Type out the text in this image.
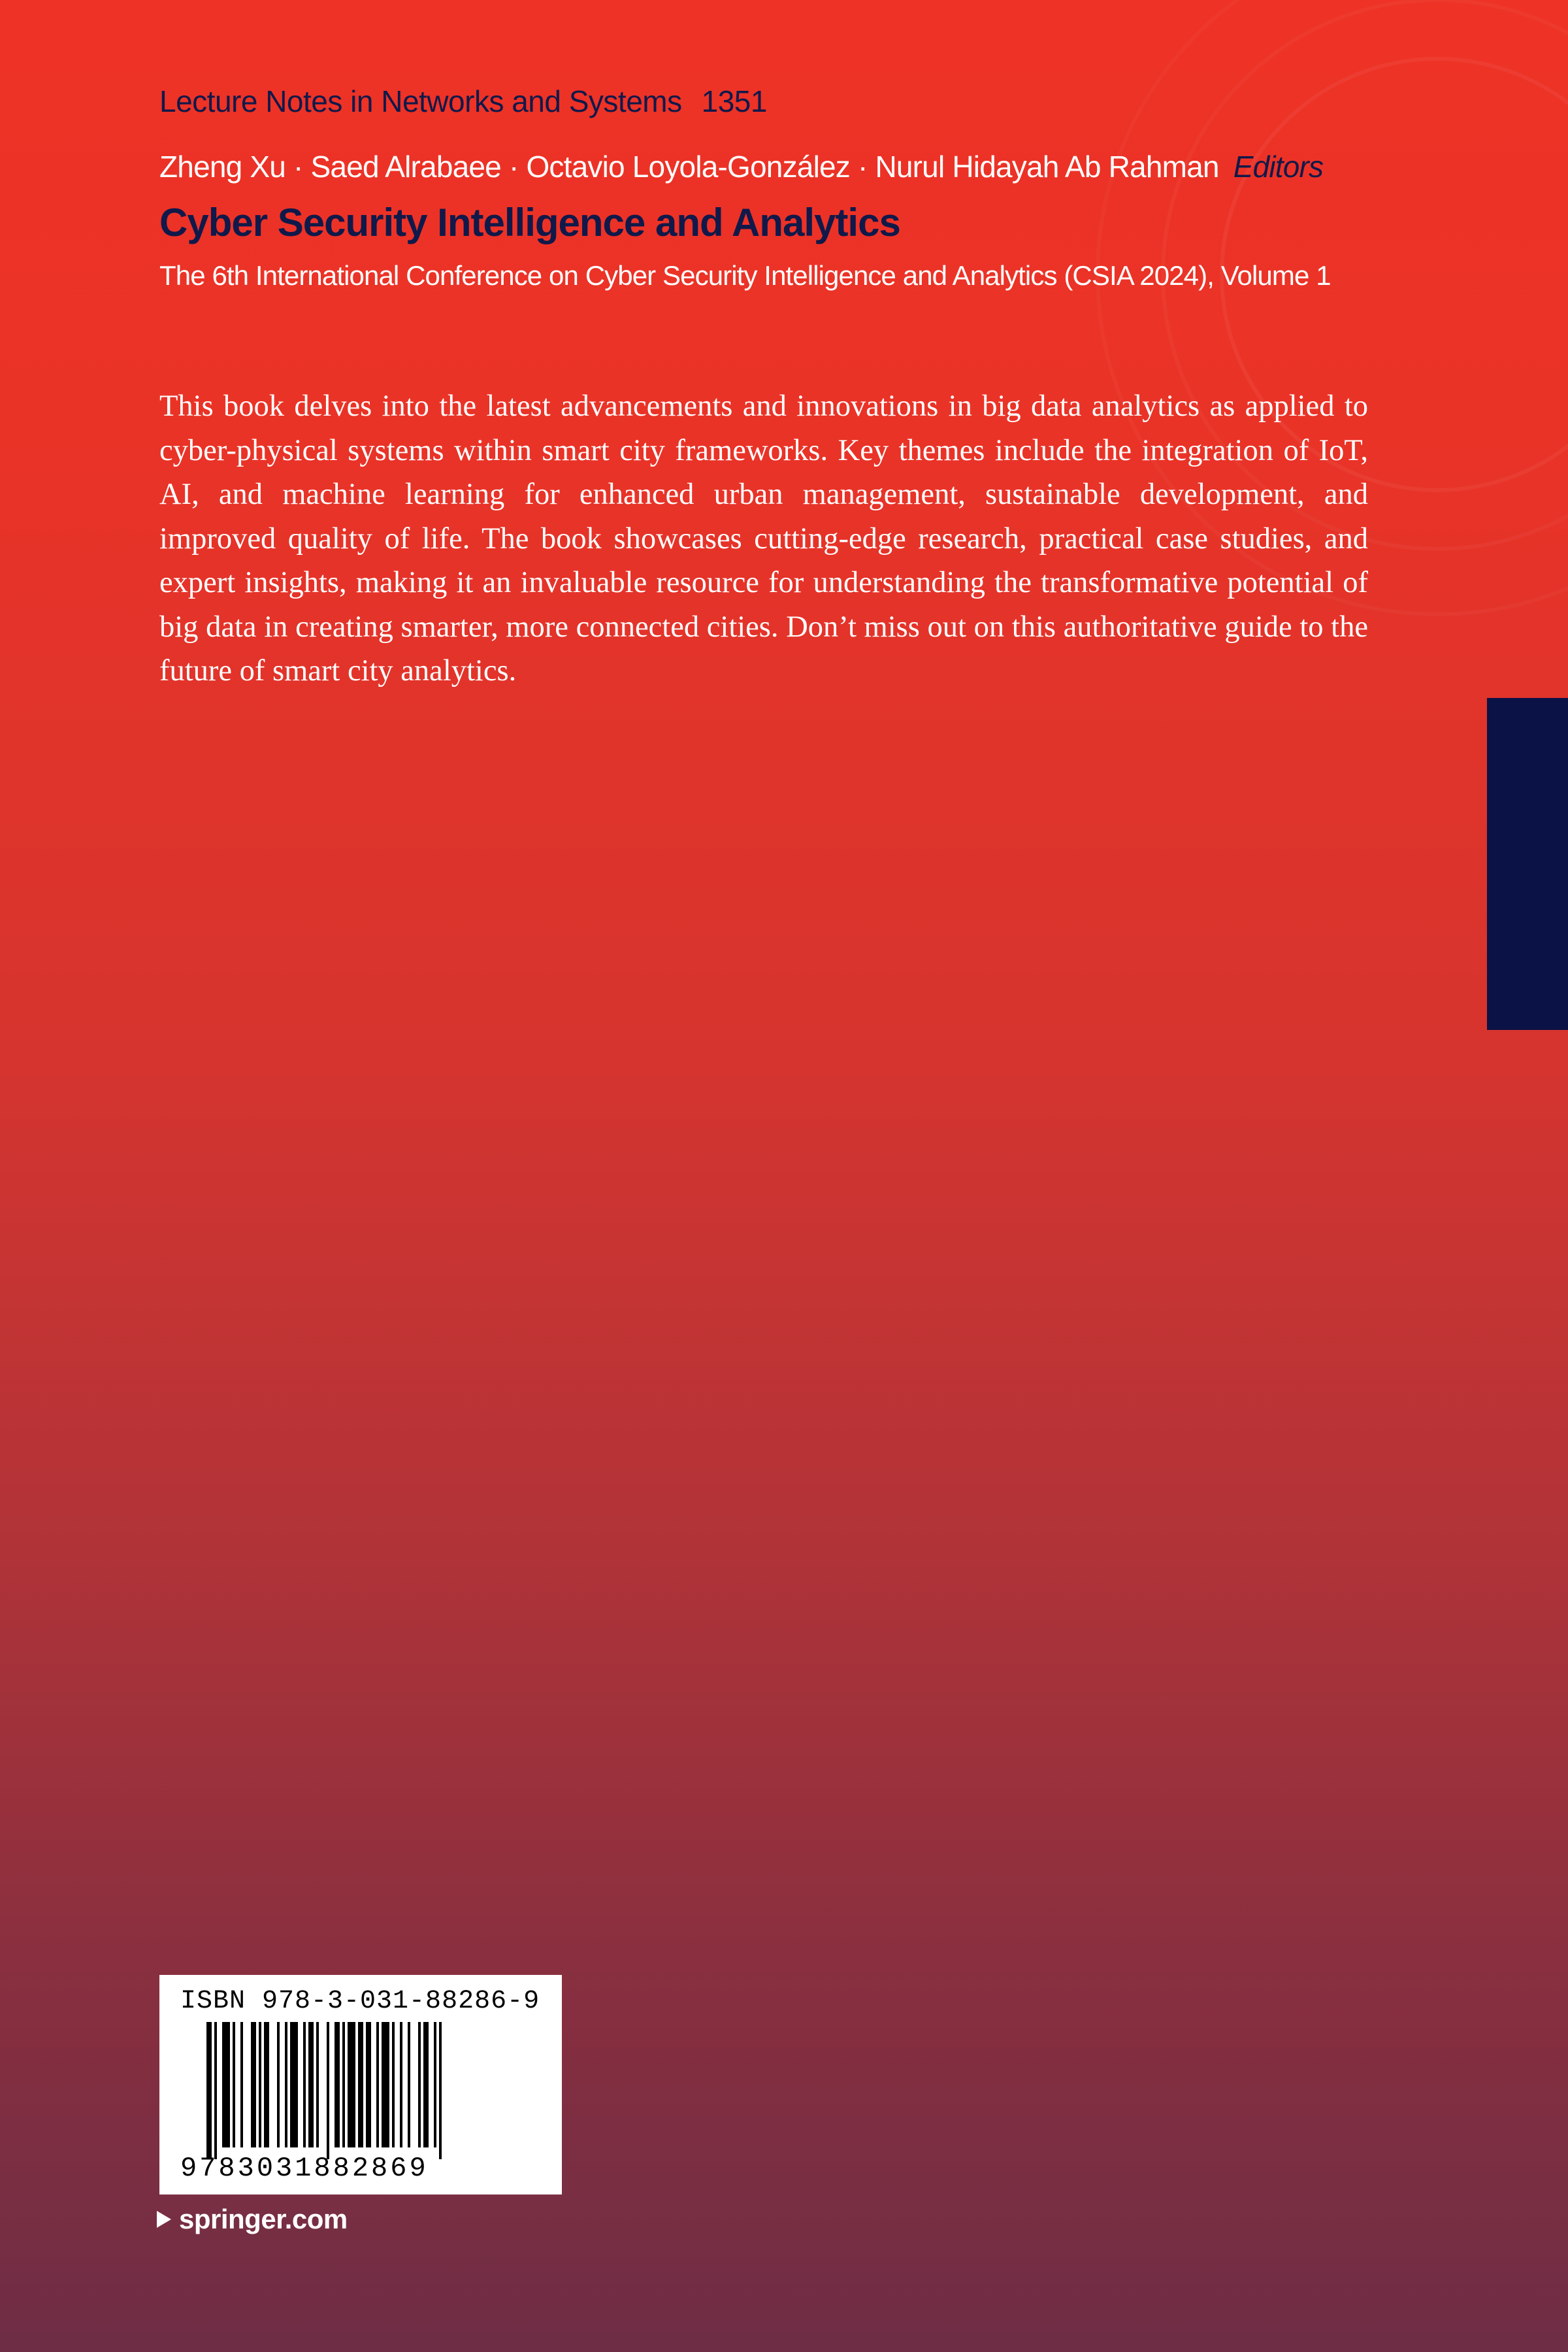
Lecture Notes in Networks and Systems 1351

Zheng Xu · Saed Alrabaee · Octavio Loyola-González · Nurul Hidayah Ab Rahman Editors

Cyber Security Intelligence and Analytics

The 6th International Conference on Cyber Security Intelligence and Analytics (CSIA 2024), Volume 1

This book delves into the latest advancements and innovations in big data analytics as applied to cyber-physical systems within smart city frameworks. Key themes include the integration of IoT, AI, and machine learning for enhanced urban management, sustainable development, and improved quality of life. The book showcases cutting-edge research, practical case studies, and expert insights, making it an invaluable resource for understanding the transformative potential of big data in creating smarter, more connected cities. Don’t miss out on this authoritative guide to the future of smart city analytics.

ISBN 978-3-031-88286-9

9783031882869

springer.com
